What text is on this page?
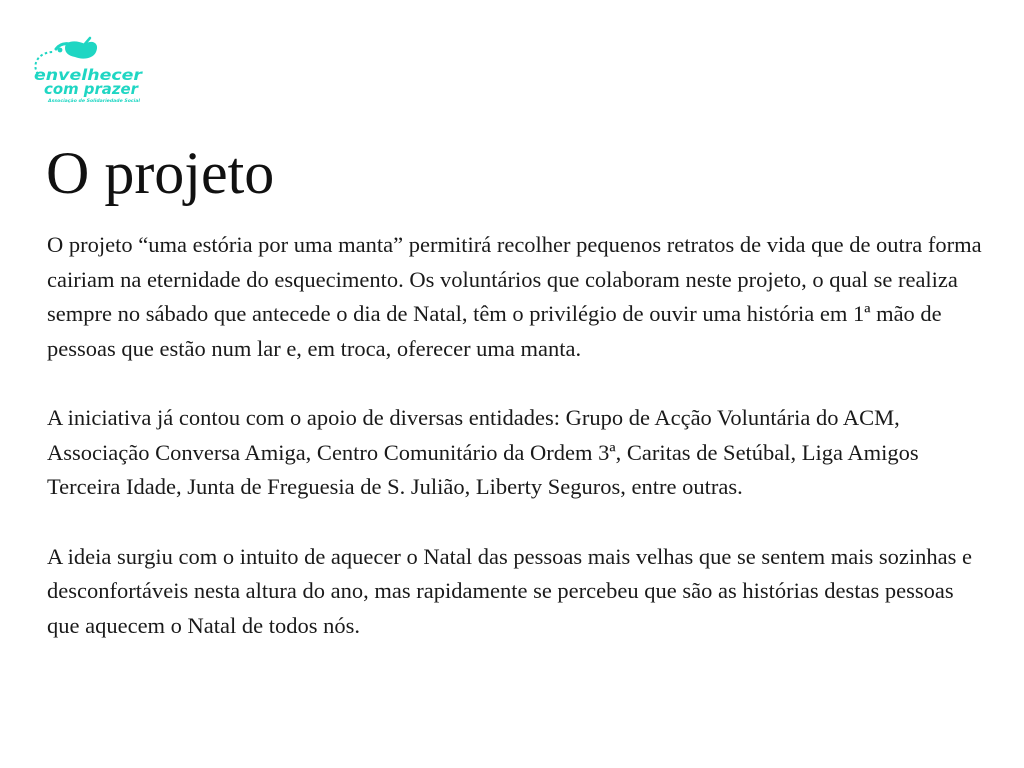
envelhecer
com prazer
Associação de Solidariedade Social
O projeto

O projeto “uma estória por uma manta” permitirá recolher pequenos retratos de vida que de outra forma cairiam na eternidade do esquecimento. Os voluntários que colaboram neste projeto, o qual se realiza sempre no sábado que antecede o dia de Natal, têm o privilégio de ouvir uma história em 1ª mão de pessoas que estão num lar e, em troca, oferecer uma manta.

A iniciativa já contou com o apoio de diversas entidades: Grupo de Acção Voluntária do ACM, Associação Conversa Amiga, Centro Comunitário da Ordem 3ª, Caritas de Setúbal, Liga Amigos Terceira Idade, Junta de Freguesia de S. Julião, Liberty Seguros, entre outras.

A ideia surgiu com o intuito de aquecer o Natal das pessoas mais velhas que se sentem mais sozinhas e desconfortáveis nesta altura do ano, mas rapidamente se percebeu que são as histórias destas pessoas que aquecem o Natal de todos nós.
